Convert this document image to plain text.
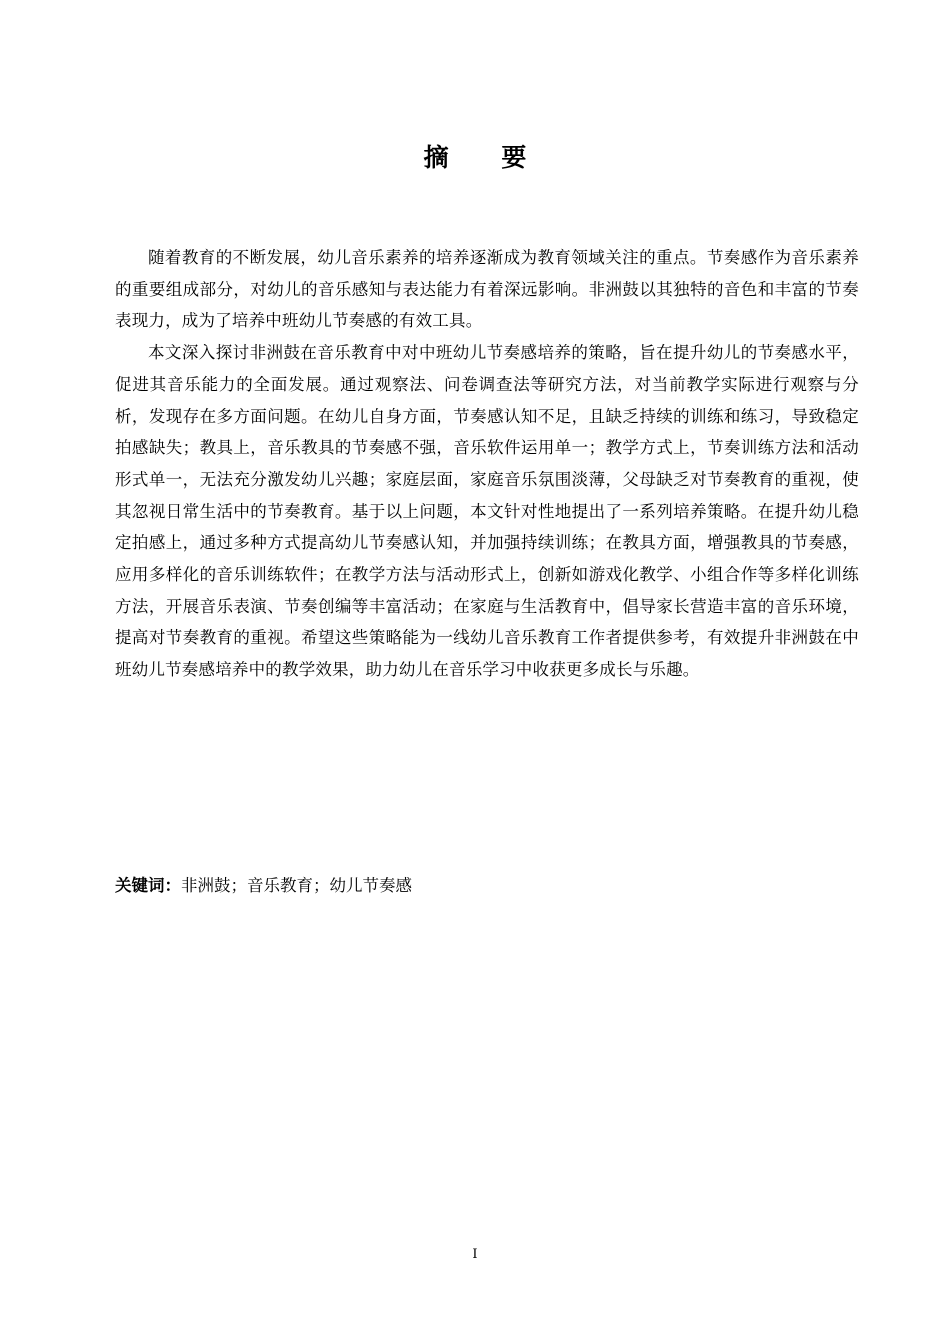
摘 要

随着教育的不断发展，幼儿音乐素养的培养逐渐成为教育领域关注的重点。节奏感作为音乐素养的重要组成部分，对幼儿的音乐感知与表达能力有着深远影响。非洲鼓以其独特的音色和丰富的节奏表现力，成为了培养中班幼儿节奏感的有效工具。

本文深入探讨非洲鼓在音乐教育中对中班幼儿节奏感培养的策略，旨在提升幼儿的节奏感水平，促进其音乐能力的全面发展。通过观察法、问卷调查法等研究方法，对当前教学实际进行观察与分析，发现存在多方面问题。在幼儿自身方面，节奏感认知不足，且缺乏持续的训练和练习，导致稳定拍感缺失；教具上，音乐教具的节奏感不强，音乐软件运用单一；教学方式上，节奏训练方法和活动形式单一，无法充分激发幼儿兴趣；家庭层面，家庭音乐氛围淡薄，父母缺乏对节奏教育的重视，使其忽视日常生活中的节奏教育。基于以上问题，本文针对性地提出了一系列培养策略。在提升幼儿稳定拍感上，通过多种方式提高幼儿节奏感认知，并加强持续训练；在教具方面，增强教具的节奏感，应用多样化的音乐训练软件；在教学方法与活动形式上，创新如游戏化教学、小组合作等多样化训练方法，开展音乐表演、节奏创编等丰富活动；在家庭与生活教育中，倡导家长营造丰富的音乐环境，提高对节奏教育的重视。希望这些策略能为一线幼儿音乐教育工作者提供参考，有效提升非洲鼓在中班幼儿节奏感培养中的教学效果，助力幼儿在音乐学习中收获更多成长与乐趣。

关键词：非洲鼓；音乐教育；幼儿节奏感
I
